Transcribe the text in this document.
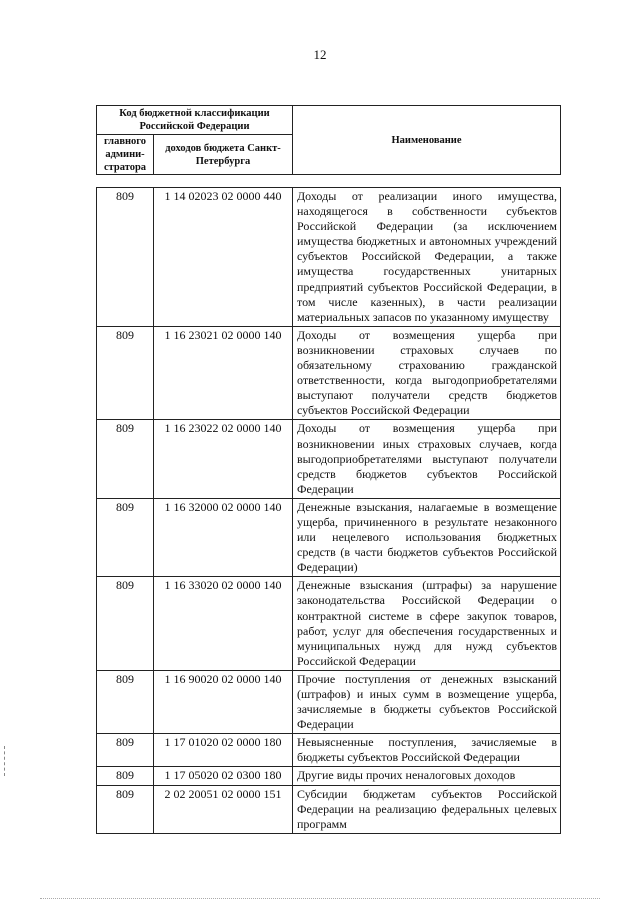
12
Код бюджетной классификации Российской Федерации		Наименование
главного админи-стратора	доходов бюджета Санкт-Петербурга	
809	1 14 02023 02 0000 440	Доходы от реализации иного имущества, находящегося в собственности субъектов Российской Федерации (за исключением имущества бюджетных и автономных учреждений субъектов Российской Федерации, а также имущества государственных унитарных предприятий субъектов Российской Федерации, в том числе казенных), в части реализации материальных запасов по указанному имуществу
809	1 16 23021 02 0000 140	Доходы от возмещения ущерба при возникновении страховых случаев по обязательному страхованию гражданской ответственности, когда выгодоприобретателями выступают получатели средств бюджетов субъектов Российской Федерации
809	1 16 23022 02 0000 140	Доходы от возмещения ущерба при возникновении иных страховых случаев, когда выгодоприобретателями выступают получатели средств бюджетов субъектов Российской Федерации
809	1 16 32000 02 0000 140	Денежные взыскания, налагаемые в возмещение ущерба, причиненного в результате незаконного или нецелевого использования бюджетных средств (в части бюджетов субъектов Российской Федерации)
809	1 16 33020 02 0000 140	Денежные взыскания (штрафы) за нарушение законодательства Российской Федерации о контрактной системе в сфере закупок товаров, работ, услуг для обеспечения государственных и муниципальных нужд для нужд субъектов Российской Федерации
809	1 16 90020 02 0000 140	Прочие поступления от денежных взысканий (штрафов) и иных сумм в возмещение ущерба, зачисляемые в бюджеты субъектов Российской Федерации
809	1 17 01020 02 0000 180	Невыясненные поступления, зачисляемые в бюджеты субъектов Российской Федерации
809	1 17 05020 02 0300 180	Другие виды прочих неналоговых доходов
809	2 02 20051 02 0000 151	Субсидии бюджетам субъектов Российской Федерации на реализацию федеральных целевых программ
